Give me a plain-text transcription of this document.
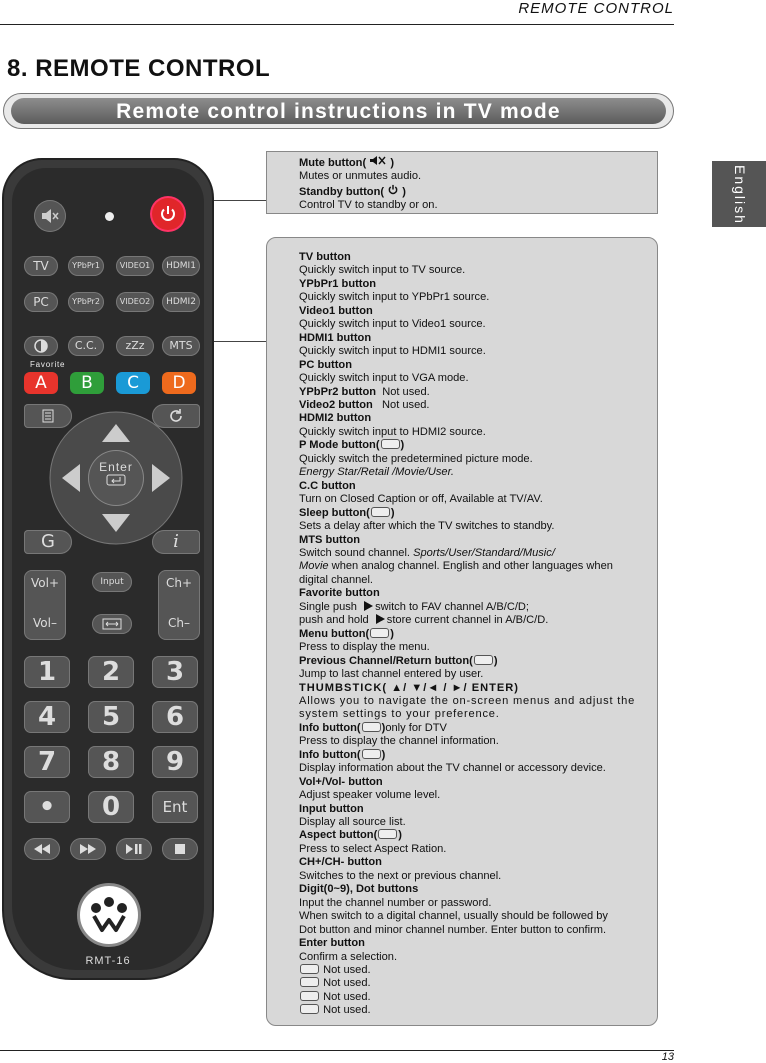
REMOTE CONTROL
8. REMOTE CONTROL
Remote control instructions in TV mode
English
Mute button(  )
Mutes or unmutes audio.
Standby button(  )
Control TV to standby or on.
TV button
Quickly switch input to TV source.
YPbPr1 button
Quickly switch input to YPbPr1 source.
Video1 button
Quickly switch input to Video1 source.
HDMI1 button
Quickly switch input to HDMI1 source.
PC button
Quickly switch input to VGA mode.
YPbPr2 button  Not used.
Video2 button   Not used.
HDMI2 button
Quickly switch input to HDMI2 source.
P Mode button( )
Quickly switch the predetermined picture mode.
Energy Star/Retail /Movie/User.
C.C button
Turn on Closed Caption or off, Available at TV/AV.
Sleep button( )
Sets a delay after which the TV switches to standby.
MTS button
Switch sound channel. Sports/User/Standard/Music/
Movie when analog channel. English and other languages when
digital channel.
Favorite button
Single push switch to FAV channel A/B/C/D;
push and hold store current channel in A/B/C/D.
Menu button( )
Press to display the menu.
Previous Channel/Return button( )
Jump to last channel entered by user.
THUMBSTICK( ▲/ ▼/◄ / ►/ ENTER)
Allows you to navigate the on-screen menus and adjust the
system settings to your preference.
Info button( )only for DTV
Press to display the channel information.
Info button( )
Display information about the TV channel or accessory device.
Vol+/Vol- button
Adjust speaker volume level.
Input button
Display all source list.
Aspect button( )
Press to select Aspect Ration.
CH+/CH- button
Switches to the next or previous channel.
Digit(0~9), Dot buttons
Input the channel number or password.
When switch to a digital channel, usually should be followed by
Dot button and minor channel number. Enter button to confirm.
Enter button
Confirm a selection.
Not used.
Not used.
Not used.
Not used.
TV	YPbPr1	VIDEO1	HDMI1
PC	YPbPr2	VIDEO2	HDMI2
C.C.	zZz	MTS
Favorite
A	B	C	D
Enter
G	i
Vol+
Vol–
Input	Ch+
Ch–
1	2	3
4	5	6
7	8	9
•	0	Ent
RMT-16
13
